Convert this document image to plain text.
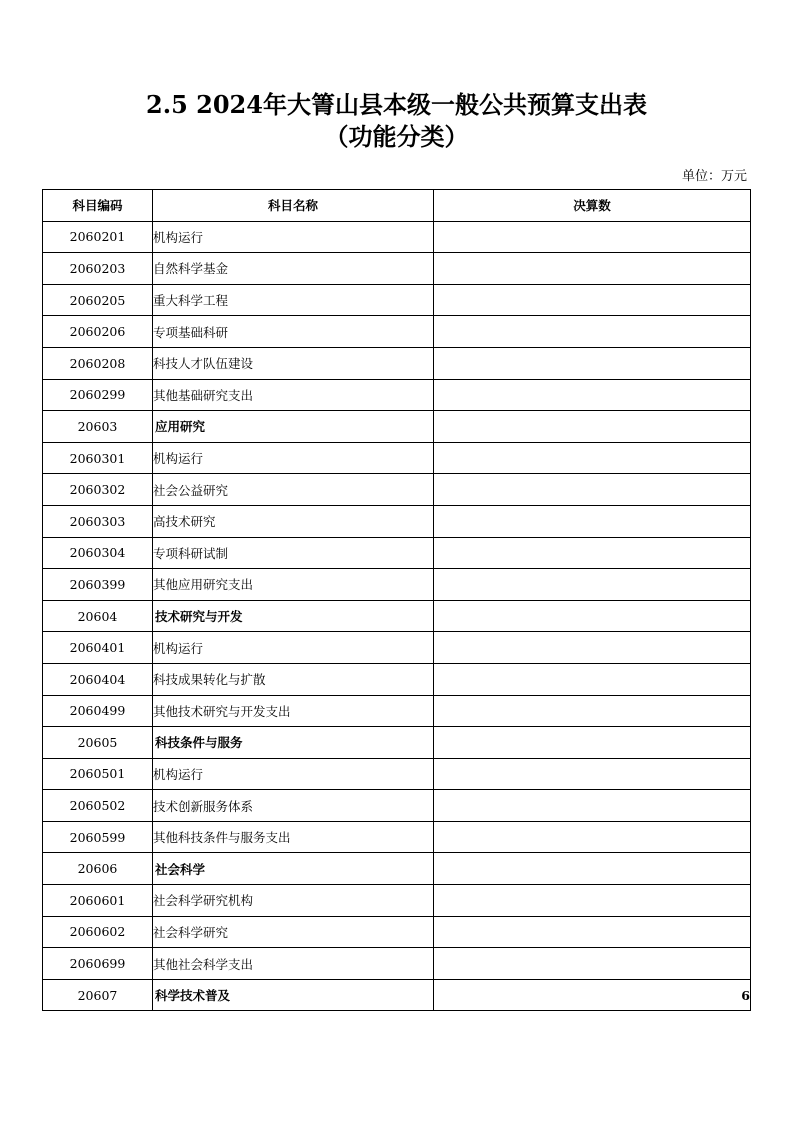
2.5 2024年大箐山县本级一般公共预算支出表
（功能分类）
单位：万元
科目编码	科目名称	决算数
2060201	机构运行	
2060203	自然科学基金	
2060205	重大科学工程	
2060206	专项基础科研	
2060208	科技人才队伍建设	
2060299	其他基础研究支出	
20603	应用研究	
2060301	机构运行	
2060302	社会公益研究	
2060303	高技术研究	
2060304	专项科研试制	
2060399	其他应用研究支出	
20604	技术研究与开发	
2060401	机构运行	
2060404	科技成果转化与扩散	
2060499	其他技术研究与开发支出	
20605	科技条件与服务	
2060501	机构运行	
2060502	技术创新服务体系	
2060599	其他科技条件与服务支出	
20606	社会科学	
2060601	社会科学研究机构	
2060602	社会科学研究	
2060699	其他社会科学支出	
20607	科学技术普及	6
